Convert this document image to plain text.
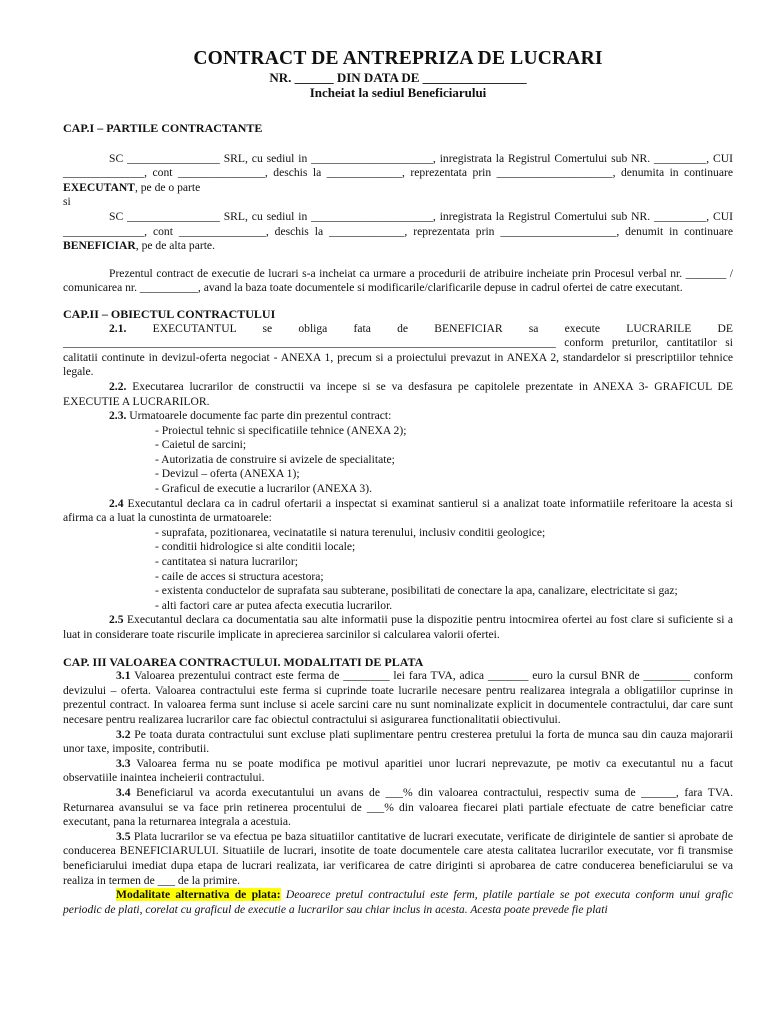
CONTRACT DE ANTREPRIZA DE LUCRARI

NR. ______ DIN DATA DE ________________

Incheiat la sediul Beneficiarului

CAP.I – PARTILE CONTRACTANTE

SC ________________ SRL, cu sediul in _____________________, inregistrata la Registrul Comertului sub NR. _________, CUI ______________, cont _______________, deschis la _____________, reprezentata prin ____________________, denumita in continuare EXECUTANT, pe de o parte

si

SC ________________ SRL, cu sediul in _____________________, inregistrata la Registrul Comertului sub NR. _________, CUI ______________, cont _______________, deschis la _____________, reprezentata prin ____________________, denumit in continuare BENEFICIAR, pe de alta parte.

Prezentul contract de executie de lucrari s-a incheiat ca urmare a procedurii de atribuire incheiate prin Procesul verbal nr. _______ / comunicarea nr. __________, avand la baza toate documentele si modificarile/clarificarile depuse in cadrul ofertei de catre executant.

CAP.II – OBIECTUL CONTRACTULUI

2.1. EXECUTANTUL se obliga fata de BENEFICIAR sa execute LUCRARILE DE _____________________________________________________________________________________ conform preturilor, cantitatilor si calitatii continute in devizul-oferta negociat - ANEXA 1, precum si a proiectului prevazut in ANEXA 2, standardelor si prescriptiilor tehnice legale.

2.2. Executarea lucrarilor de constructii va incepe si se va desfasura pe capitolele prezentate in ANEXA 3- GRAFICUL DE EXECUTIE A LUCRARILOR.

2.3. Urmatoarele documente fac parte din prezentul contract:

- Proiectul tehnic si specificatiile tehnice (ANEXA 2);

- Caietul de sarcini;

- Autorizatia de construire si avizele de specialitate;

- Devizul – oferta (ANEXA 1);

- Graficul de executie a lucrarilor (ANEXA 3).

2.4 Executantul declara ca in cadrul ofertarii a inspectat si examinat santierul si a analizat toate informatiile referitoare la acesta si afirma ca a luat la cunostinta de urmatoarele:

- suprafata, pozitionarea, vecinatatile si natura terenului, inclusiv conditii geologice;

- conditii hidrologice si alte conditii locale;

- cantitatea si natura lucrarilor;

- caile de acces si structura acestora;

- existenta conductelor de suprafata sau subterane, posibilitati de conectare la apa, canalizare, electricitate si gaz;

- alti factori care ar putea afecta executia lucrarilor.

2.5 Executantul declara ca documentatia sau alte informatii puse la dispozitie pentru intocmirea ofertei au fost clare si suficiente si a luat in considerare toate riscurile implicate in aprecierea sarcinilor si calcularea valorii ofertei.

CAP. III VALOAREA CONTRACTULUI. MODALITATI DE PLATA

3.1 Valoarea prezentului contract este ferma de ________ lei fara TVA, adica _______ euro la cursul BNR de ________ conform devizului – oferta. Valoarea contractului este ferma si cuprinde toate lucrarile necesare pentru realizarea integrala a obligatiilor cuprinse in prezentul contract. In valoarea ferma sunt incluse si acele sarcini care nu sunt nominalizate explicit in documentele contractului, dar care sunt necesare pentru realizarea lucrarilor care fac obiectul contractului si asigurarea functionalitatii obiectivului.

3.2 Pe toata durata contractului sunt excluse plati suplimentare pentru cresterea pretului la forta de munca sau din cauza majorarii unor taxe, imposite, contributii.

3.3 Valoarea ferma nu se poate modifica pe motivul aparitiei unor lucrari neprevazute, pe motiv ca executantul nu a facut observatiile inaintea incheierii contractului.

3.4 Beneficiarul va acorda executantului un avans de ___% din valoarea contractului, respectiv suma de ______, fara TVA. Returnarea avansului se va face prin retinerea procentului de ___% din valoarea fiecarei plati partiale efectuate de catre beneficiar catre executant, pana la returnarea integrala a acestuia.

3.5 Plata lucrarilor se va efectua pe baza situatiilor cantitative de lucrari executate, verificate de dirigintele de santier si aprobate de conducerea BENEFICIARULUI. Situatiile de lucrari, insotite de toate documentele care atesta calitatea lucrarilor executate, vor fi transmise beneficiarului imediat dupa etapa de lucrari realizata, iar verificarea de catre diriginti si aprobarea de catre conducerea beneficiarului se va realiza in termen de ___ de la primire.

Modalitate alternativa de plata: Deoarece pretul contractului este ferm, platile partiale se pot executa conform unui grafic periodic de plati, corelat cu graficul de executie a lucrarilor sau chiar inclus in acesta. Acesta poate prevede fie plati
